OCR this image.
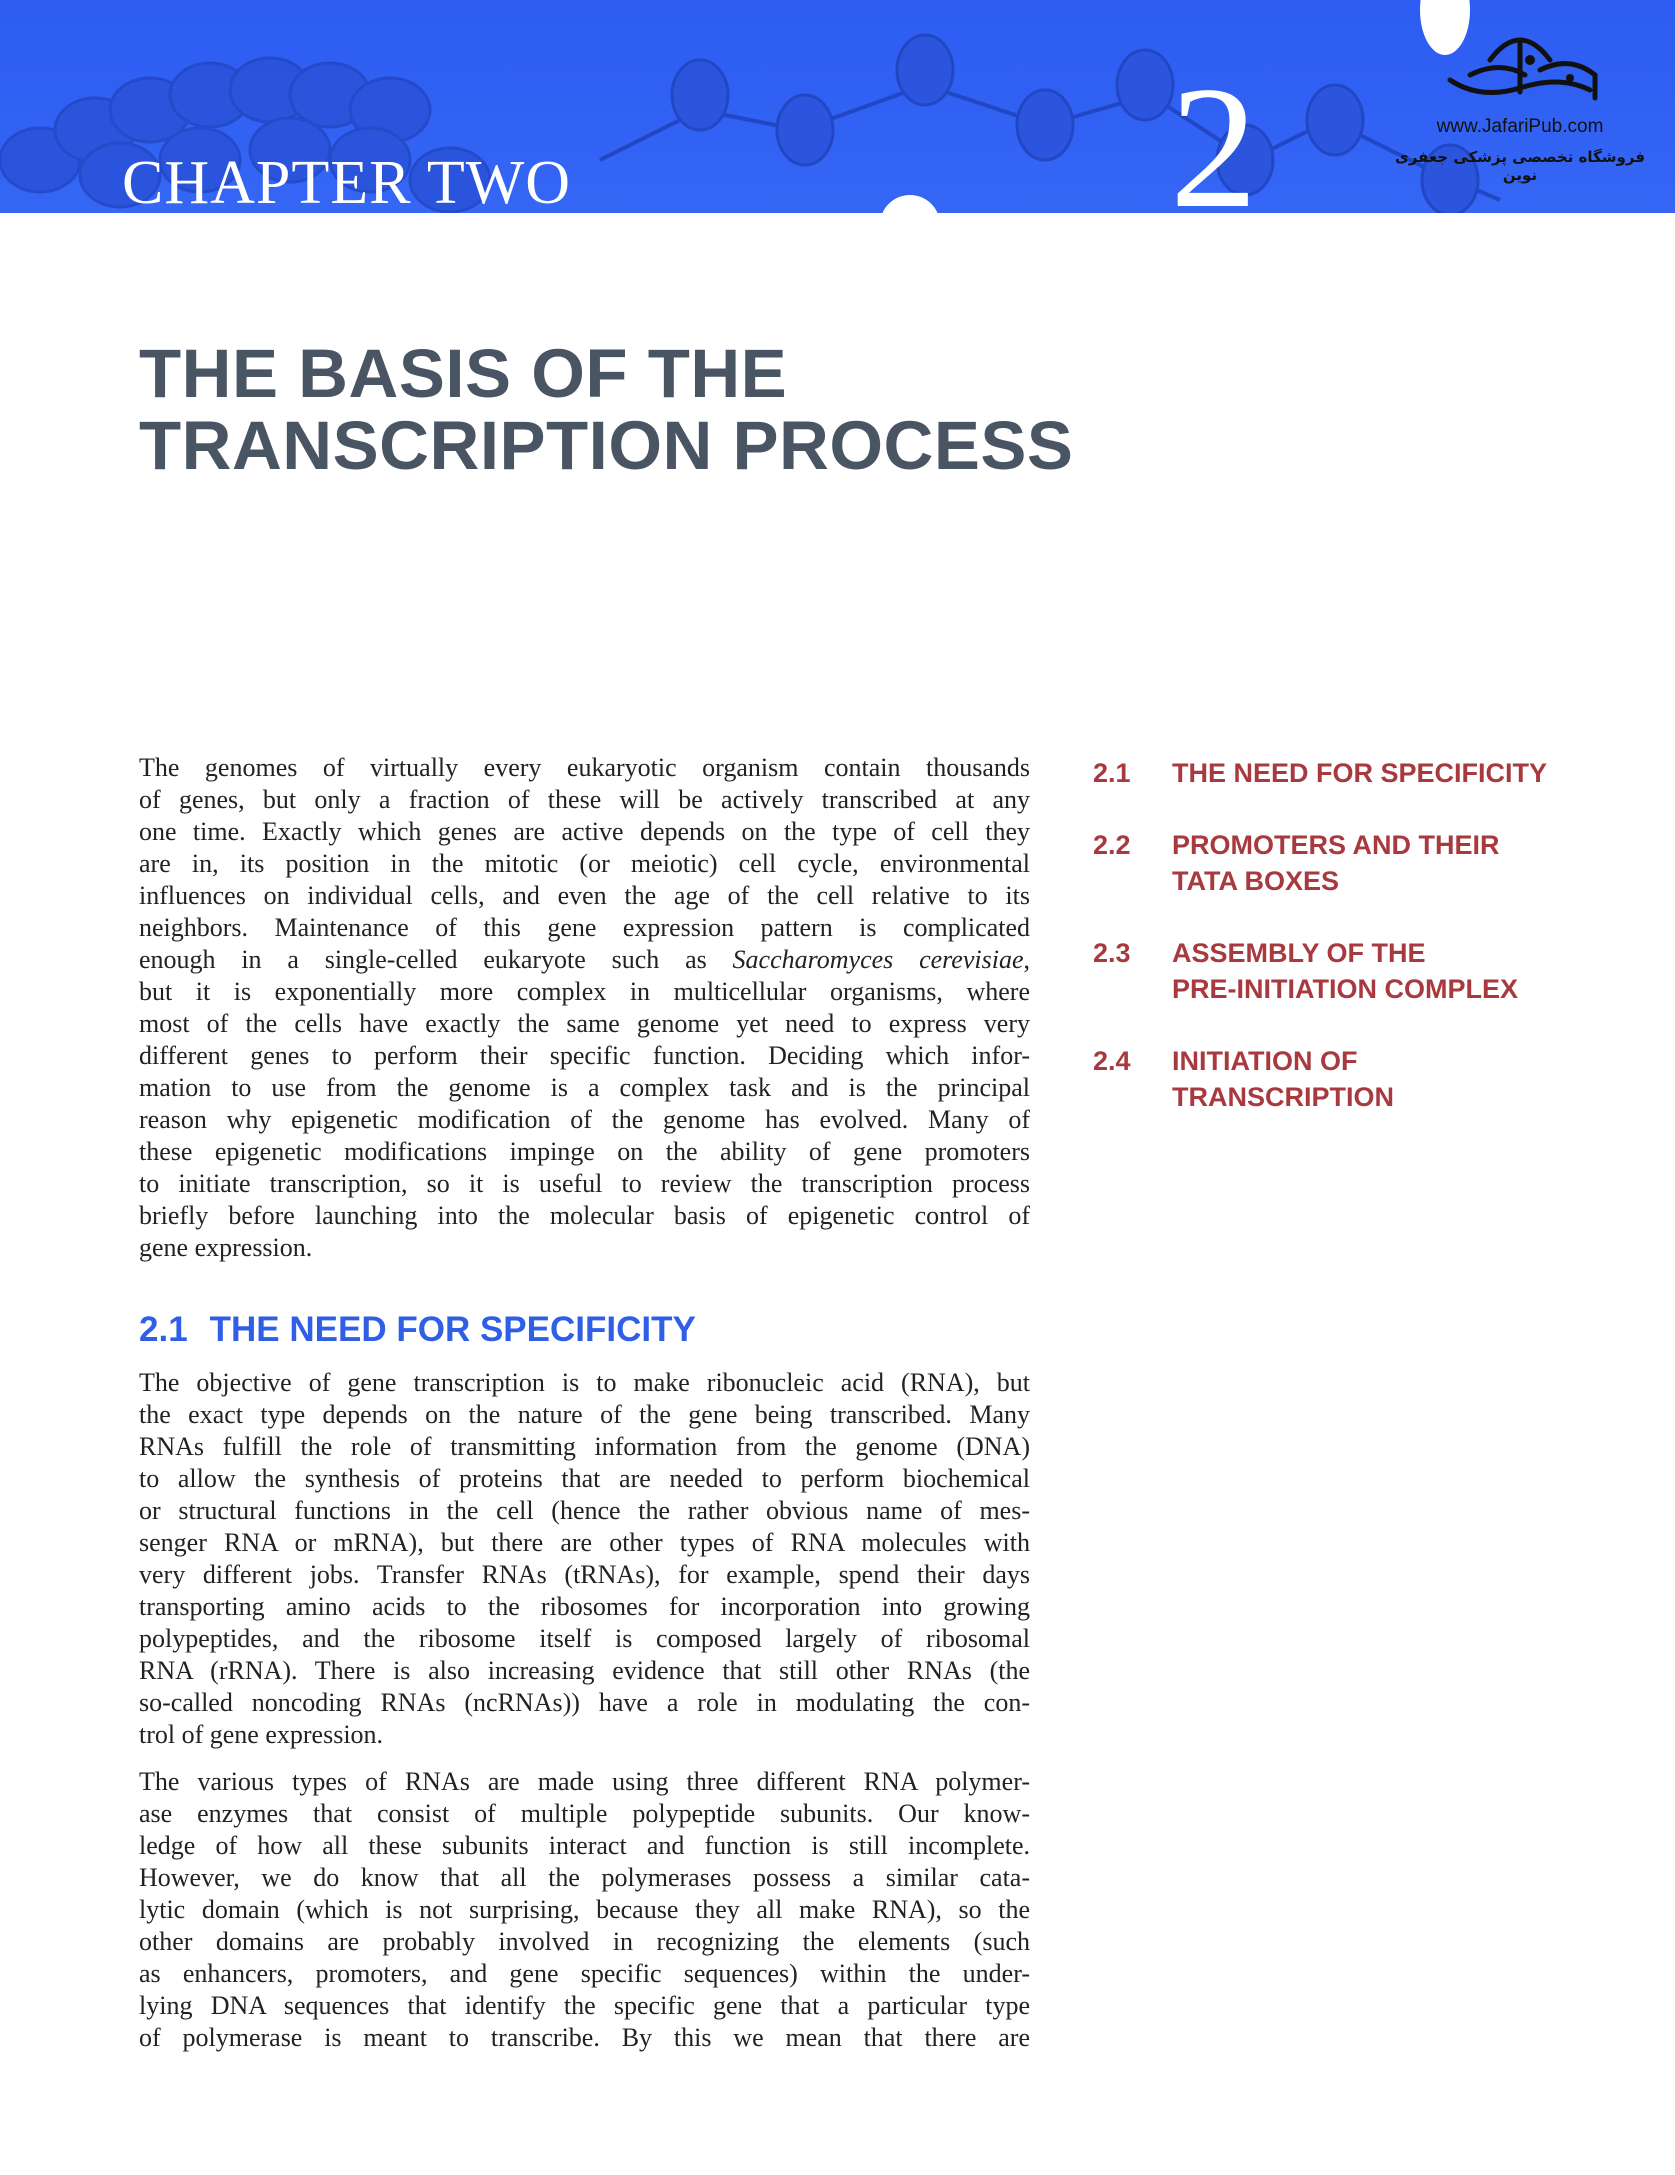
CHAPTER TWO	2	www.JafariPub.com
فروشگاه تخصصی پزشکی جعفری نوین
THE BASIS OF THE
TRANSCRIPTION PROCESS
The genomes of virtually every eukaryotic organism contain thousands
of genes, but only a fraction of these will be actively transcribed at any
one time. Exactly which genes are active depends on the type of cell they
are in, its position in the mitotic (or meiotic) cell cycle, environmental
influences on individual cells, and even the age of the cell relative to its
neighbors. Maintenance of this gene expression pattern is complicated
enough in a single-celled eukaryote such as Saccharomyces cerevisiae,
but it is exponentially more complex in multicellular organisms, where
most of the cells have exactly the same genome yet need to express very
different genes to perform their specific function. Deciding which infor-
mation to use from the genome is a complex task and is the principal
reason why epigenetic modification of the genome has evolved. Many of
these epigenetic modifications impinge on the ability of gene promoters
to initiate transcription, so it is useful to review the transcription process
briefly before launching into the molecular basis of epigenetic control of
gene expression.
2.1	THE NEED FOR SPECIFICITY
2.2	PROMOTERS AND THEIR
TATA BOXES
2.3	ASSEMBLY OF THE
PRE-INITIATION COMPLEX
2.4	INITIATION OF
TRANSCRIPTION
2.1 THE NEED FOR SPECIFICITY
The objective of gene transcription is to make ribonucleic acid (RNA), but
the exact type depends on the nature of the gene being transcribed. Many
RNAs fulfill the role of transmitting information from the genome (DNA)
to allow the synthesis of proteins that are needed to perform biochemical
or structural functions in the cell (hence the rather obvious name of mes-
senger RNA or mRNA), but there are other types of RNA molecules with
very different jobs. Transfer RNAs (tRNAs), for example, spend their days
transporting amino acids to the ribosomes for incorporation into growing
polypeptides, and the ribosome itself is composed largely of ribosomal
RNA (rRNA). There is also increasing evidence that still other RNAs (the
so-called noncoding RNAs (ncRNAs)) have a role in modulating the con-
trol of gene expression.
The various types of RNAs are made using three different RNA polymer-
ase enzymes that consist of multiple polypeptide subunits. Our know-
ledge of how all these subunits interact and function is still incomplete.
However, we do know that all the polymerases possess a similar cata-
lytic domain (which is not surprising, because they all make RNA), so the
other domains are probably involved in recognizing the elements (such
as enhancers, promoters, and gene specific sequences) within the under-
lying DNA sequences that identify the specific gene that a particular type
of polymerase is meant to transcribe. By this we mean that there are
